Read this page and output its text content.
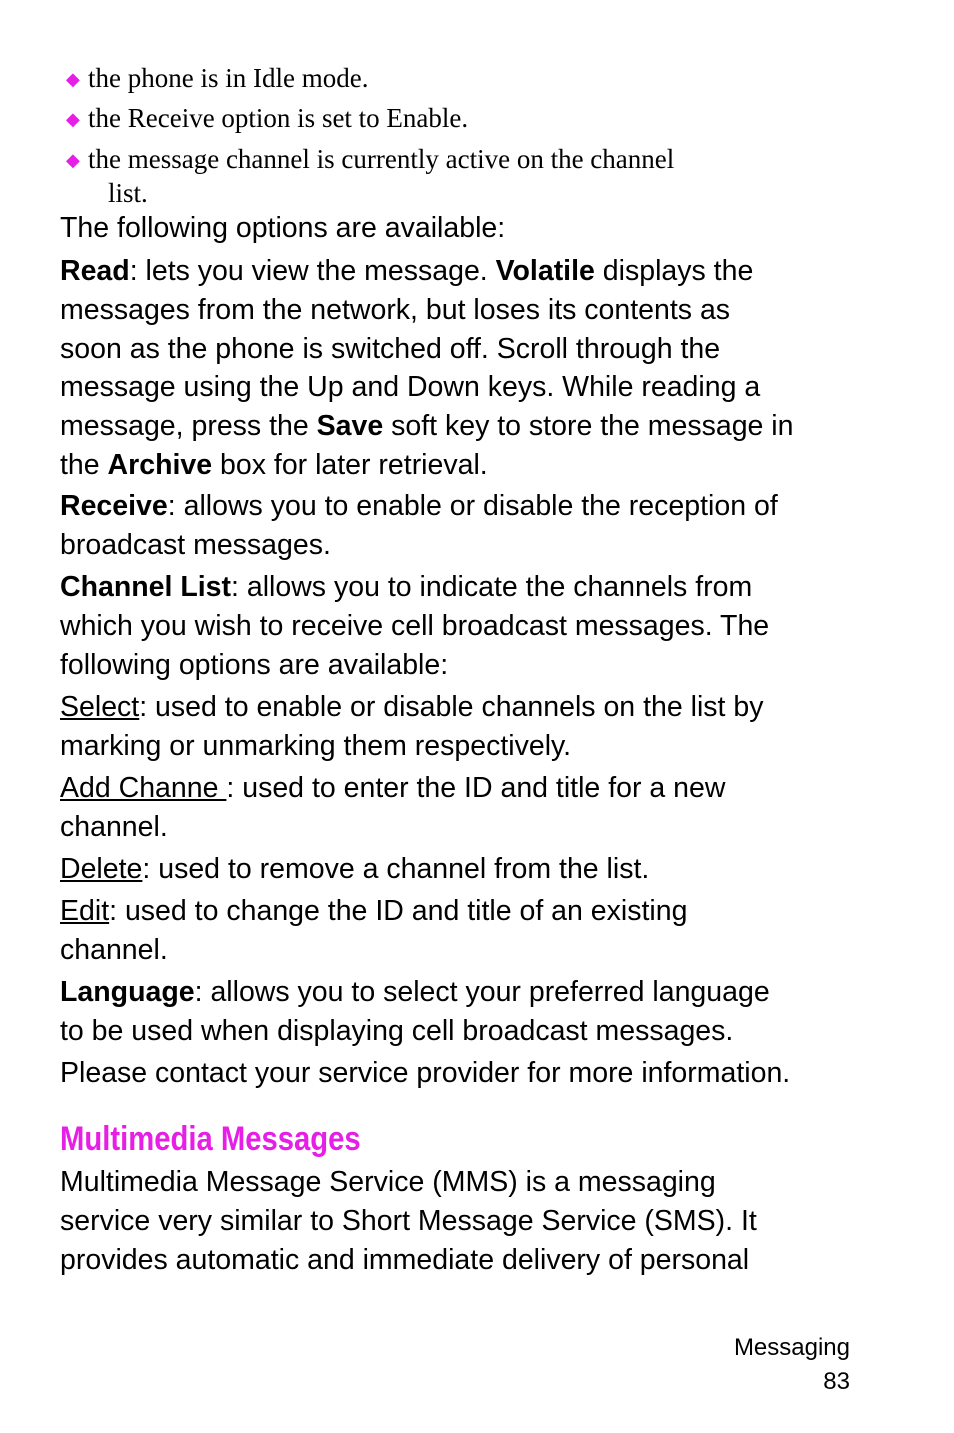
◆ the phone is in Idle mode.
◆ the Receive option is set to Enable.
◆ the message channel is currently active on the channel
list.
The following options are available:
Read: lets you view the message. Volatile displays the
messages from the network, but loses its contents as
soon as the phone is switched off. Scroll through the
message using the Up and Down keys. While reading a
message, press the Save soft key to store the message in
the Archive box for later retrieval.
Receive: allows you to enable or disable the reception of
broadcast messages.
Channel List: allows you to indicate the channels from
which you wish to receive cell broadcast messages. The
following options are available:
Select: used to enable or disable channels on the list by
marking or unmarking them respectively.
Add Channe : used to enter the ID and title for a new
channel.
Delete: used to remove a channel from the list.
Edit: used to change the ID and title of an existing
channel.
Language: allows you to select your preferred language
to be used when displaying cell broadcast messages.
Please contact your service provider for more information.
Multimedia Messages
Multimedia Message Service (MMS) is a messaging
service very similar to Short Message Service (SMS). It
provides automatic and immediate delivery of personal
Messaging
83
